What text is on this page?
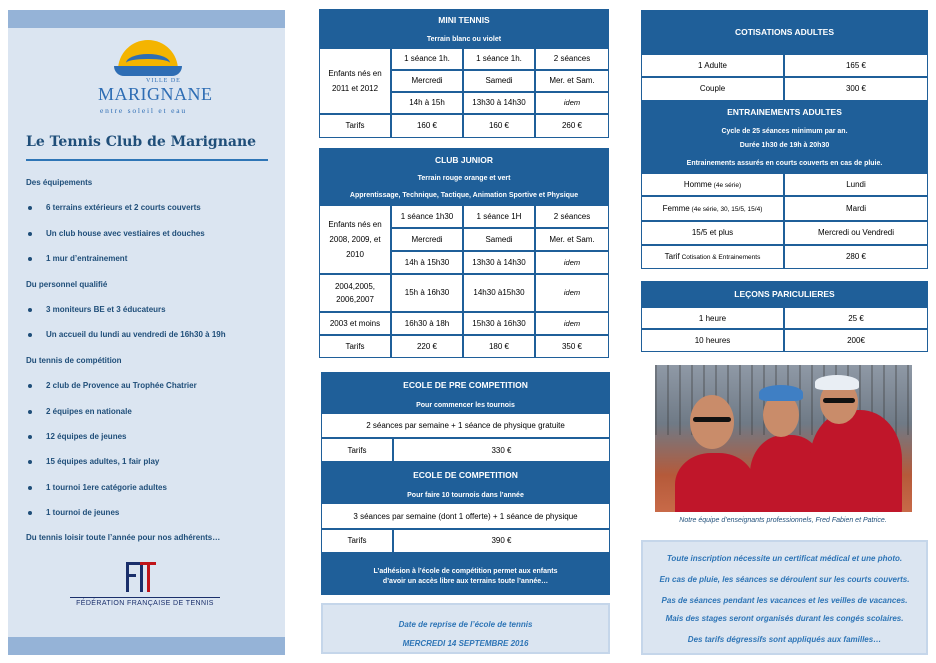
VILLE DE
MARIGNANE
entre soleil et eau
Le Tennis Club de Marignane
Des équipements
6 terrains extérieurs et 2 courts couverts
Un club house avec vestiaires et douches
1 mur d’entrainement
Du personnel qualifié
3 moniteurs BE et 3 éducateurs
Un accueil du lundi au vendredi de 16h30 à 19h
Du tennis de compétition
2 club de Provence au Trophée Chatrier
2 équipes en nationale
12 équipes de jeunes
15 équipes adultes, 1 fair play
1 tournoi 1ere catégorie adultes
1 tournoi de jeunes
Du tennis loisir toute l’année pour nos adhérents…
FÉDÉRATION FRANÇAISE DE TENNIS
MINI TENNIS			
Terrain blanc ou violet			
Enfants nés en 2011 et 2012	1 séance 1h.	1 séance 1h.	2 séances
	Mercredi	Samedi	Mer. et Sam.
	14h à 15h	13h30 à 14h30	idem
Tarifs	160 €	160 €	260 €
CLUB JUNIOR			
Terrain rouge orange et vert			
Apprentissage, Technique, Tactique, Animation Sportive et Physique			
Enfants nés en 2008, 2009, et 2010	1 séance 1h30	1 séance 1H	2 séances
	Mercredi	Samedi	Mer. et Sam.
	14h à 15h30	13h30 à 14h30	idem
2004,2005, 2006,2007	15h à 16h30	14h30 à15h30	idem
2003 et moins	16h30 à 18h	15h30 à 16h30	idem
Tarifs	220 €	180 €	350 €
ECOLE DE PRE COMPETITION	
Pour commencer les tournois	
2 séances par semaine + 1 séance de physique gratuite	
Tarifs	330 €
ECOLE DE COMPETITION	
Pour faire 10 tournois dans l’année	
3 séances par semaine (dont 1 offerte) + 1 séance de physique	
Tarifs	390 €
L’adhésion à l’école de compétition permet aux enfants	
d’avoir un accès libre aux terrains toute l’année…	
Date de reprise de l’école de tennis
MERCREDI 14 SEPTEMBRE 2016
COTISATIONS ADULTES	
1 Adulte	165 €
Couple	300 €
ENTRAINEMENTS ADULTES	
Cycle de 25 séances minimum par an.	
Durée 1h30 de 19h à 20h30	
Entrainements assurés en courts couverts en cas de pluie.	
Homme (4e série)	Lundi
Femme (4e série, 30, 15/5, 15/4)	Mardi
15/5 et plus	Mercredi ou Vendredi
Tarif Cotisation & Entrainements	280 €
LEÇONS PARICULIERES	
1 heure	25 €
10 heures	200€
Notre équipe d’enseignants professionnels, Fred Fabien et Patrice.
Toute inscription nécessite un certificat médical et une photo.
En cas de pluie, les séances se déroulent sur les courts couverts.
Pas de séances pendant les vacances et les veilles de vacances.
Mais des stages seront organisés durant les congés scolaires.
Des tarifs dégressifs sont appliqués aux familles…
